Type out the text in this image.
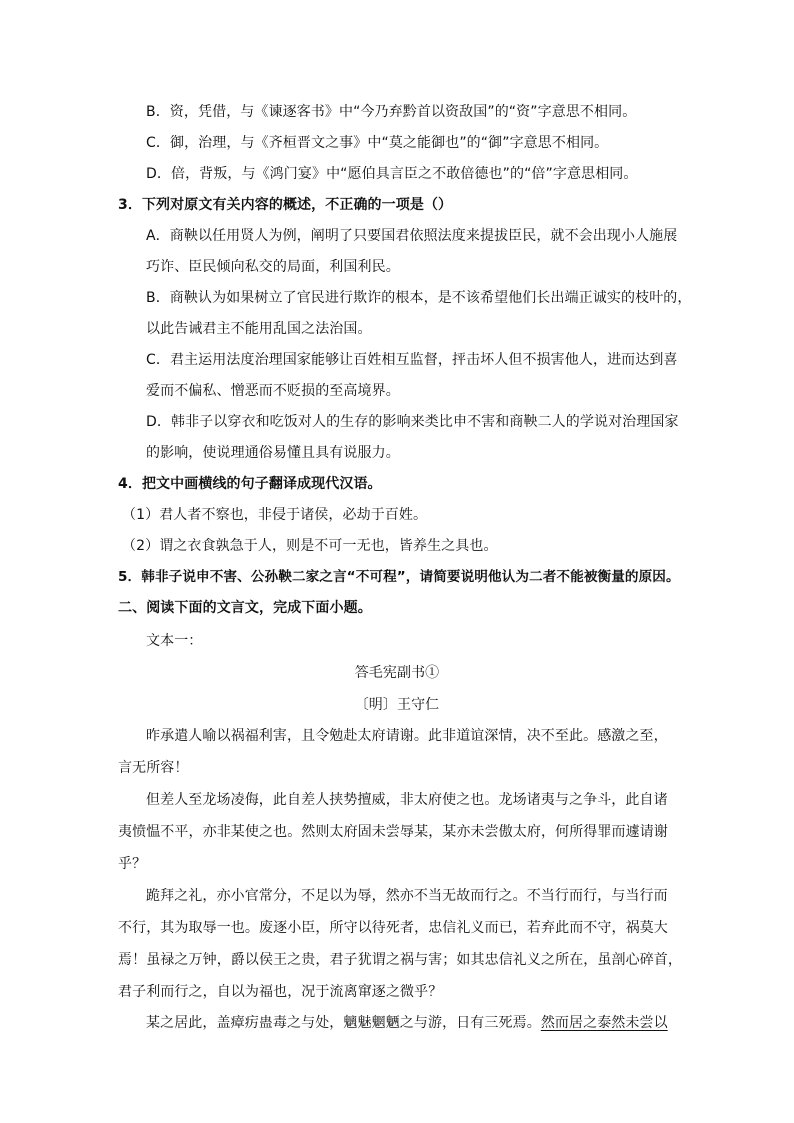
B．资，凭借，与《谏逐客书》中“今乃弃黔首以资敌国”的“资”字意思不相同。
C．御，治理，与《齐桓晋文之事》中“莫之能御也”的“御”字意思不相同。
D．倍，背叛，与《鸿门宴》中“愿伯具言臣之不敢倍德也”的“倍”字意思相同。
3．下列对原文有关内容的概述，不正确的一项是（）
A．商鞅以任用贤人为例，阐明了只要国君依照法度来提拔臣民，就不会出现小人施展
巧诈、臣民倾向私交的局面，利国利民。
B．商鞅认为如果树立了官民进行欺诈的根本，是不该希望他们长出端正诚实的枝叶的，
以此告诫君主不能用乱国之法治国。
C．君主运用法度治理国家能够让百姓相互监督，抨击坏人但不损害他人，进而达到喜
爱而不偏私、憎恶而不贬损的至高境界。
D．韩非子以穿衣和吃饭对人的生存的影响来类比申不害和商鞅二人的学说对治理国家
的影响，使说理通俗易懂且具有说服力。
4．把文中画横线的句子翻译成现代汉语。
（1）君人者不察也，非侵于诸侯，必劫于百姓。
（2）谓之衣食孰急于人，则是不可一无也，皆养生之具也。
5．韩非子说申不害、公孙鞅二家之言“不可程”，请简要说明他认为二者不能被衡量的原因。
二、阅读下面的文言文，完成下面小题。
文本一：
答毛宪副书①
〔明〕王守仁
昨承遣人喻以祸福利害，且令勉赴太府请谢。此非道谊深情，决不至此。感激之至，
言无所容！
但差人至龙场凌侮，此自差人挟势擅威，非太府使之也。龙场诸夷与之争斗，此自诸
夷愤愠不平，亦非某使之也。然则太府固未尝辱某，某亦未尝傲太府，何所得罪而遽请谢
乎？
跪拜之礼，亦小官常分，不足以为辱，然亦不当无故而行之。不当行而行，与当行而
不行，其为取辱一也。废逐小臣，所守以待死者，忠信礼义而已，若弃此而不守，祸莫大
焉！虽禄之万钟，爵以侯王之贵，君子犹谓之祸与害；如其忠信礼义之所在，虽剖心碎首，
君子利而行之，自以为福也，况于流离窜逐之微乎？
某之居此，盖瘴疠蛊毒之与处，魑魅魍魉之与游，日有三死焉。然而居之泰然未尝以
